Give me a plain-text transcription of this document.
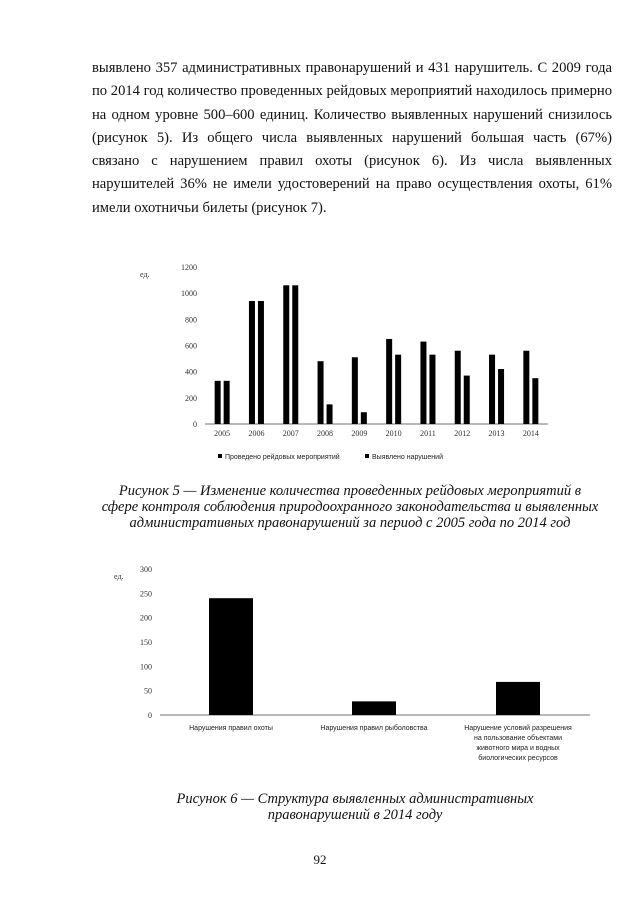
выявлено 357 административных правонарушений и 431 нарушитель. С 2009 года по 2014 год количество проведенных рейдовых мероприятий находилось примерно на одном уровне 500–600 единиц. Количество выявленных нарушений снизилось (рисунок 5). Из общего числа выявленных нарушений большая часть (67%) связано с нарушением правил охоты (рисунок 6). Из числа выявленных нарушителей 36% не имели удостоверений на право осуществления охоты, 61% имели охотничьи билеты (рисунок 7).

0
200
400
600
800
1000
1200
ед.
2005 2006 2007 2008 2009 2010 2011 2012 2013 2014
Проведено рейдовых мероприятий	Выявлено нарушений

Рисунок 5 — Изменение количества проведенных рейдовых мероприятий в сфере контроля соблюдения природоохранного законодательства и выявленных административных правонарушений за период с 2005 года по 2014 год

0
50
100
150
200
250
300
ед.
Нарушения правил охоты	Нарушения правил рыболовства	Нарушение условий разрешения на пользование объектами животного мира и водных биологических ресурсов

Рисунок 6 — Структура выявленных административных правонарушений в 2014 году

92
